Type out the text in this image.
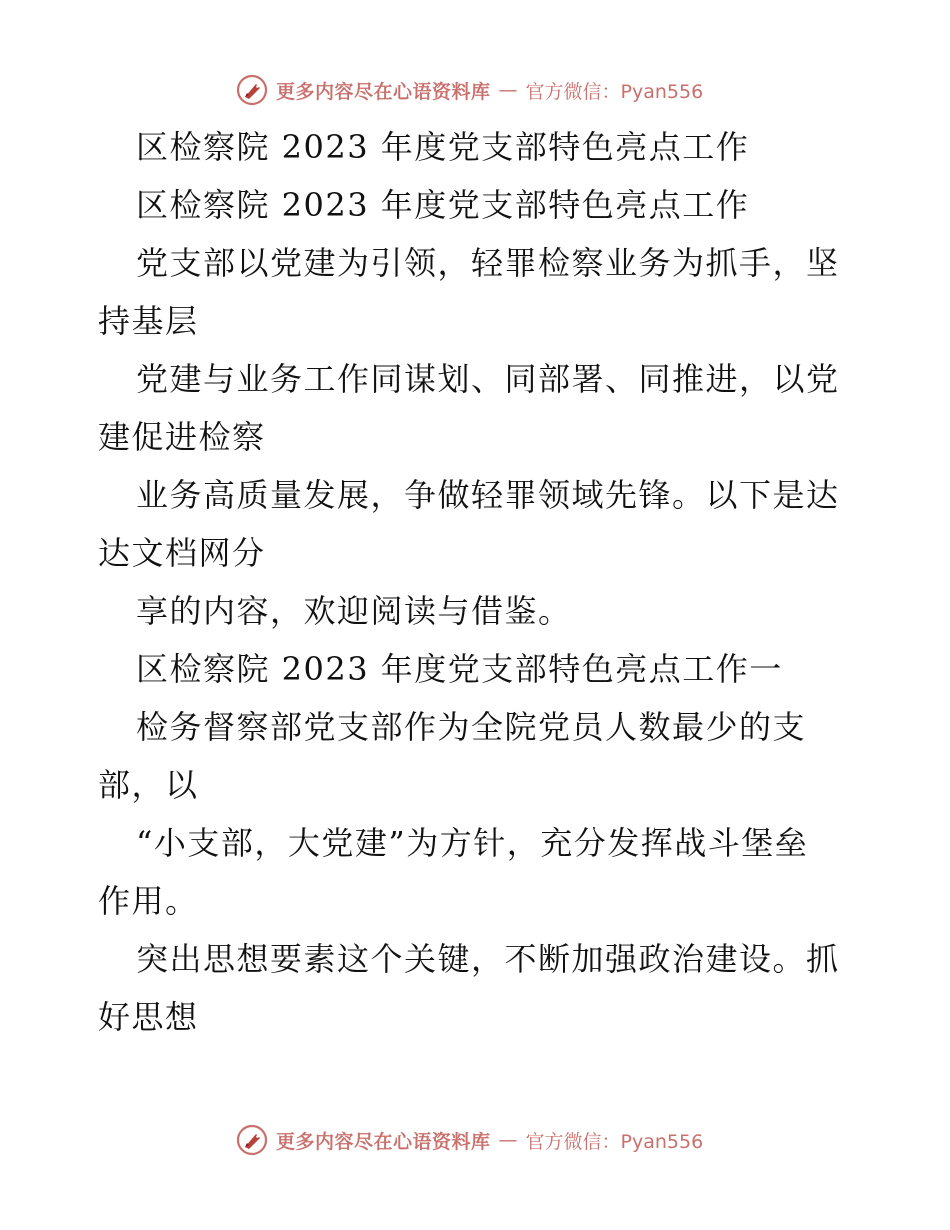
更多内容尽在心语资料库 — 官方微信：Pyan556
区检察院 2023 年度党支部特色亮点工作
区检察院 2023 年度党支部特色亮点工作
党支部以党建为引领，轻罪检察业务为抓手，坚
持基层
党建与业务工作同谋划、同部署、同推进，以党
建促进检察
业务高质量发展，争做轻罪领域先锋。以下是达
达文档网分
享的内容，欢迎阅读与借鉴。
区检察院 2023 年度党支部特色亮点工作一
检务督察部党支部作为全院党员人数最少的支
部，以
“小支部，大党建”为方针，充分发挥战斗堡垒
作用。
突出思想要素这个关键，不断加强政治建设。抓
好思想
更多内容尽在心语资料库 — 官方微信：Pyan556
